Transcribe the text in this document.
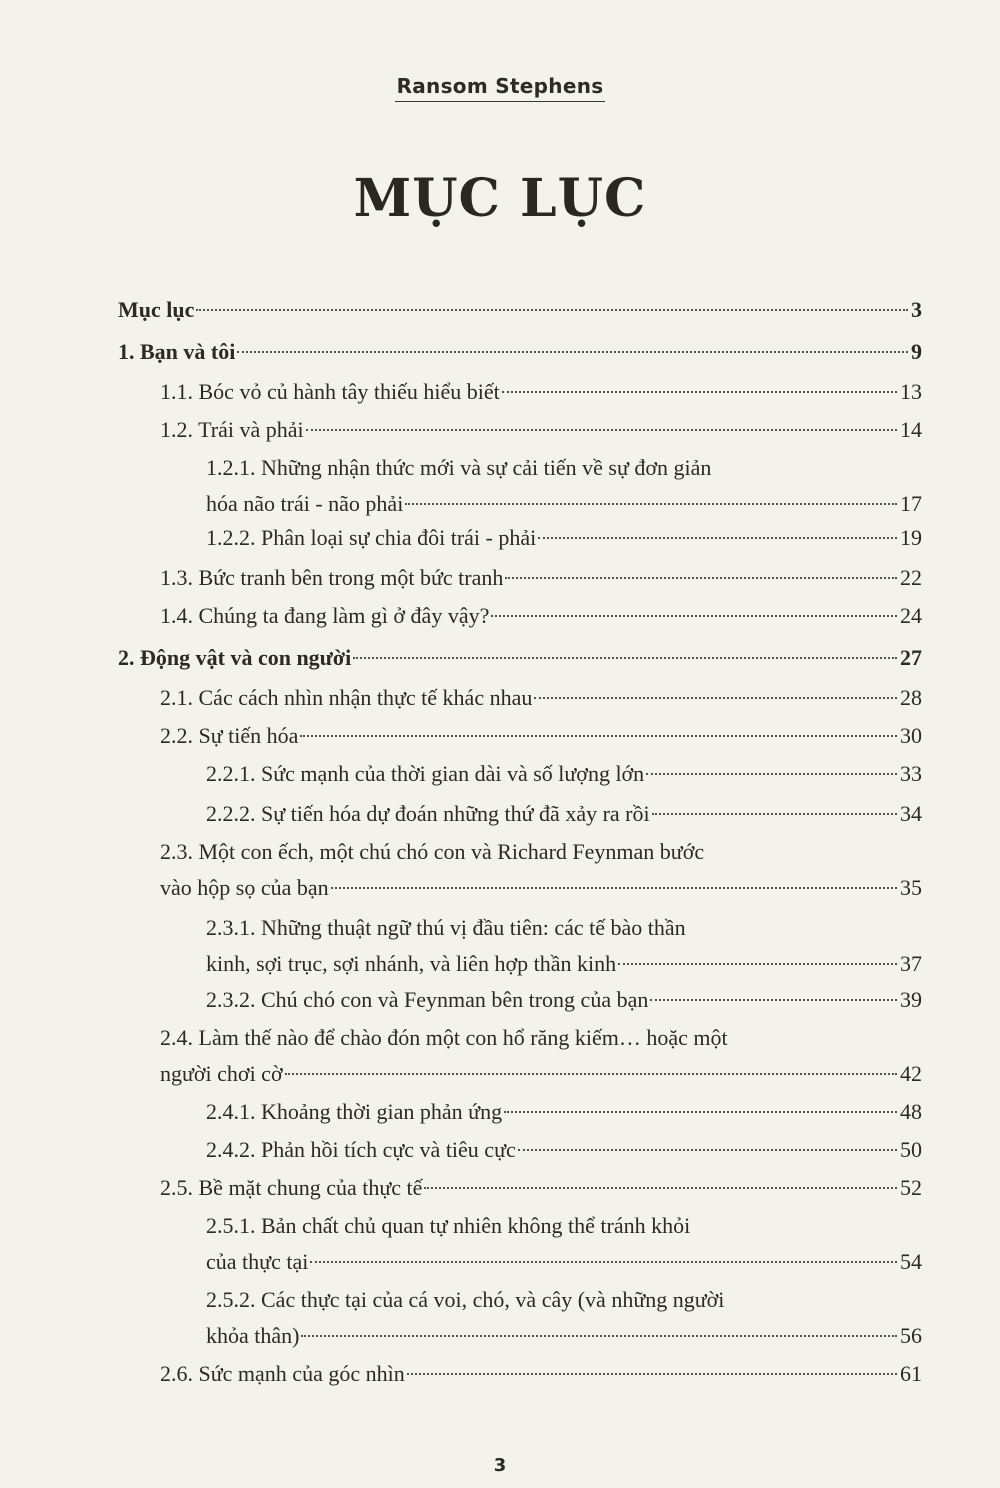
Ransom Stephens
MỤC LỤC
Mục lục	3
1. Bạn và tôi	9
1.1. Bóc vỏ củ hành tây thiếu hiểu biết	13
1.2. Trái và phải	14
1.2.1. Những nhận thức mới và sự cải tiến về sự đơn giản
hóa não trái - não phải	17
1.2.2. Phân loại sự chia đôi trái - phải	19
1.3. Bức tranh bên trong một bức tranh	22
1.4. Chúng ta đang làm gì ở đây vậy?	24
2. Động vật và con người	27
2.1. Các cách nhìn nhận thực tế khác nhau	28
2.2. Sự tiến hóa	30
2.2.1. Sức mạnh của thời gian dài và số lượng lớn	33
2.2.2. Sự tiến hóa dự đoán những thứ đã xảy ra rồi	34
2.3. Một con ếch, một chú chó con và Richard Feynman bước
vào hộp sọ của bạn	35
2.3.1. Những thuật ngữ thú vị đầu tiên: các tế bào thần
kinh, sợi trục, sợi nhánh, và liên hợp thần kinh	37
2.3.2. Chú chó con và Feynman bên trong của bạn	39
2.4. Làm thế nào để chào đón một con hổ răng kiếm… hoặc một
người chơi cờ	42
2.4.1. Khoảng thời gian phản ứng	48
2.4.2. Phản hồi tích cực và tiêu cực	50
2.5. Bề mặt chung của thực tế	52
2.5.1. Bản chất chủ quan tự nhiên không thể tránh khỏi
của thực tại	54
2.5.2. Các thực tại của cá voi, chó, và cây (và những người
khỏa thân)	56
2.6. Sức mạnh của góc nhìn	61
3
